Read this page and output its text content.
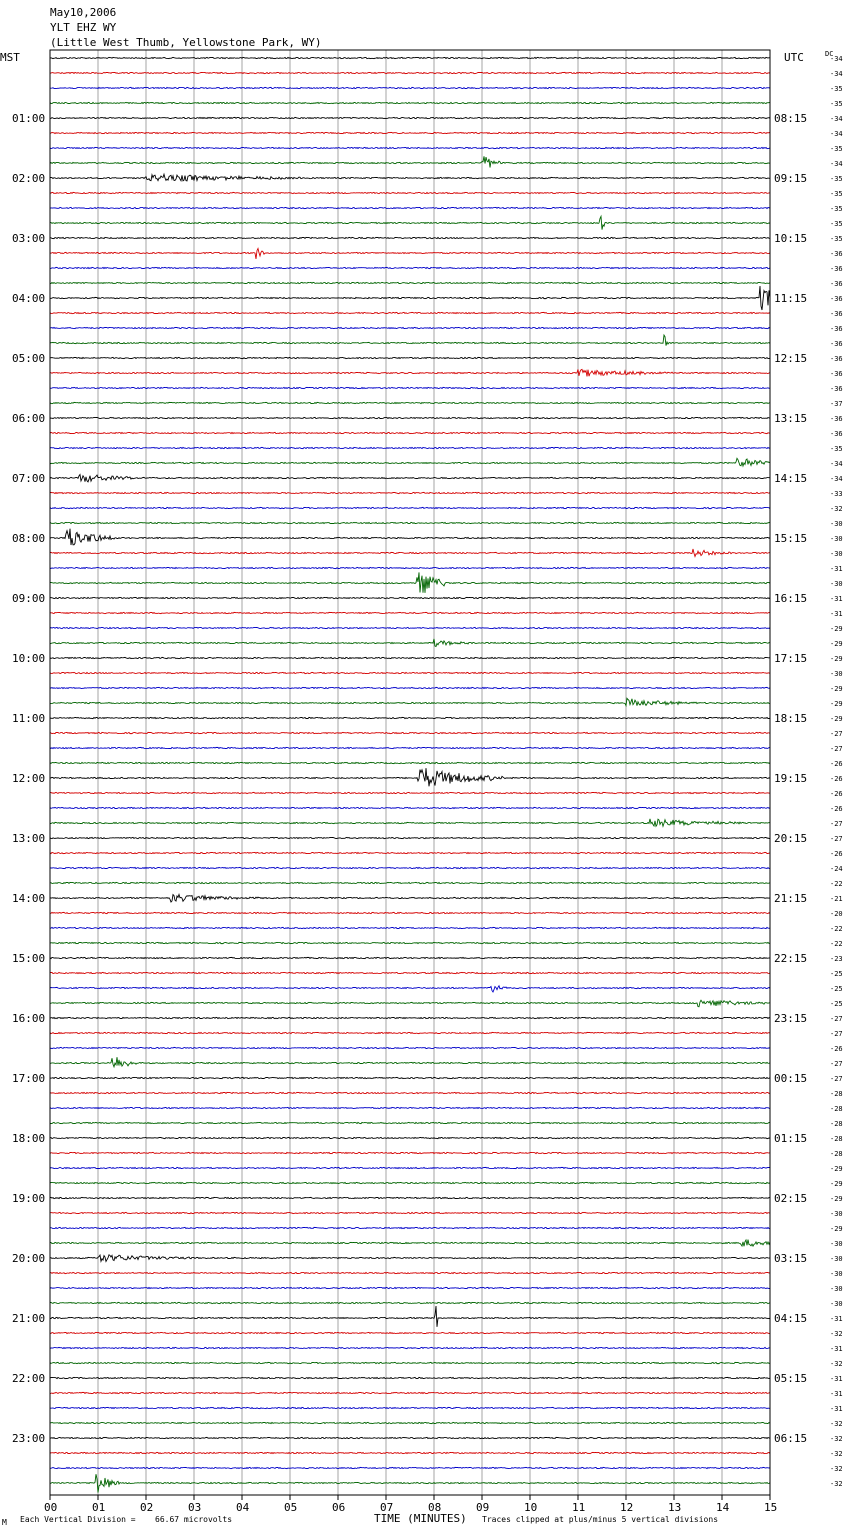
May10,2006
YLT EHZ WY
(Little West Thumb, Yellowstone Park, WY)
MST	UTC	DC
01:00
02:00
03:00
04:00
05:00
06:00
07:00
08:00
09:00
10:00
11:00
12:00
13:00
14:00
15:00
16:00
17:00
18:00
19:00
20:00
21:00
22:00
23:00
08:15
09:15
10:15
11:15
12:15
13:15
14:15
15:15
16:15
17:15
18:15
19:15
20:15
21:15
22:15
23:15
00:15
01:15
02:15
03:15
04:15
05:15
06:15
-34
-34
-35
-35
-34
-34
-35
-34
-35
-35
-35
-35
-35
-36
-36
-36
-36
-36
-36
-36
-36
-36
-36
-37
-36
-36
-35
-34
-34
-33
-32
-30
-30
-30
-31
-30
-31
-31
-29
-29
-29
-30
-29
-29
-29
-27
-27
-26
-26
-26
-26
-27
-27
-26
-24
-22
-21
-20
-22
-22
-23
-25
-25
-25
-27
-27
-26
-27
-27
-28
-28
-28
-28
-28
-29
-29
-29
-30
-29
-30
-30
-30
-30
-30
-31
-32
-31
-32
-31
-31
-31
-32
-32
-32
-32
-32
00	01	02	03	04	05	06	07	08	09	10	11	12	13	14	15
TIME (MINUTES)
M Each Vertical Division = 66.67 microvolts	Traces clipped at plus/minus 5 vertical divisions
